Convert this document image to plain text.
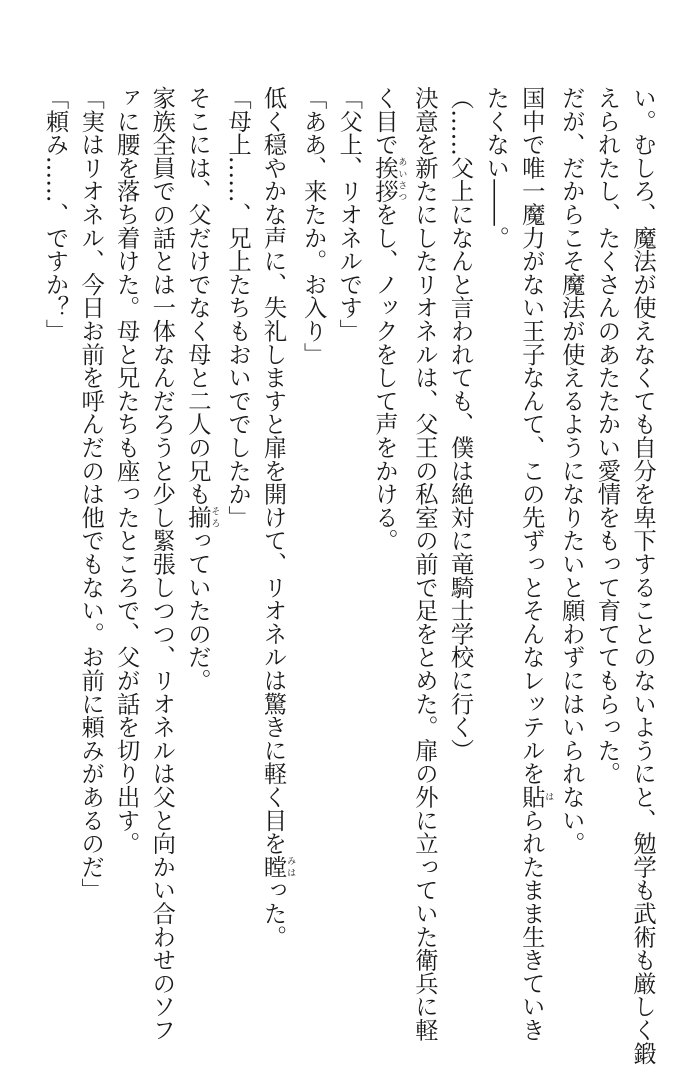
い。むしろ、魔法が使えなくても自分を卑下することのないようにと、勉学も武術も厳しく鍛
えられたし、たくさんのあたたかい愛情をもって育ててもらった。
だが、だからこそ魔法が使えるようになりたいと願わずにはいられない。
国中で唯一魔力がない王子なんて、この先ずっとそんなレッテルを貼はられたまま生きていき
たくない――。
（……父上になんと言われても、僕は絶対に竜騎士学校に行く）
決意を新たにしたリオネルは、父王の私室の前で足をとめた。扉の外に立っていた衛兵に軽
く目で挨拶あいさつをし、ノックをして声をかける。
「父上、リオネルです」
「ああ、来たか。お入り」
低く穏やかな声に、失礼しますと扉を開けて、リオネルは驚きに軽く目を瞠みはった。
「母上……、兄上たちもおいででしたか」
そこには、父だけでなく母と二人の兄も揃そろっていたのだ。
家族全員での話とは一体なんだろうと少し緊張しつつ、リオネルは父と向かい合わせのソフ
ァに腰を落ち着けた。母と兄たちも座ったところで、父が話を切り出す。
「実はリオネル、今日お前を呼んだのは他でもない。お前に頼みがあるのだ」
「頼み……、ですか？」
